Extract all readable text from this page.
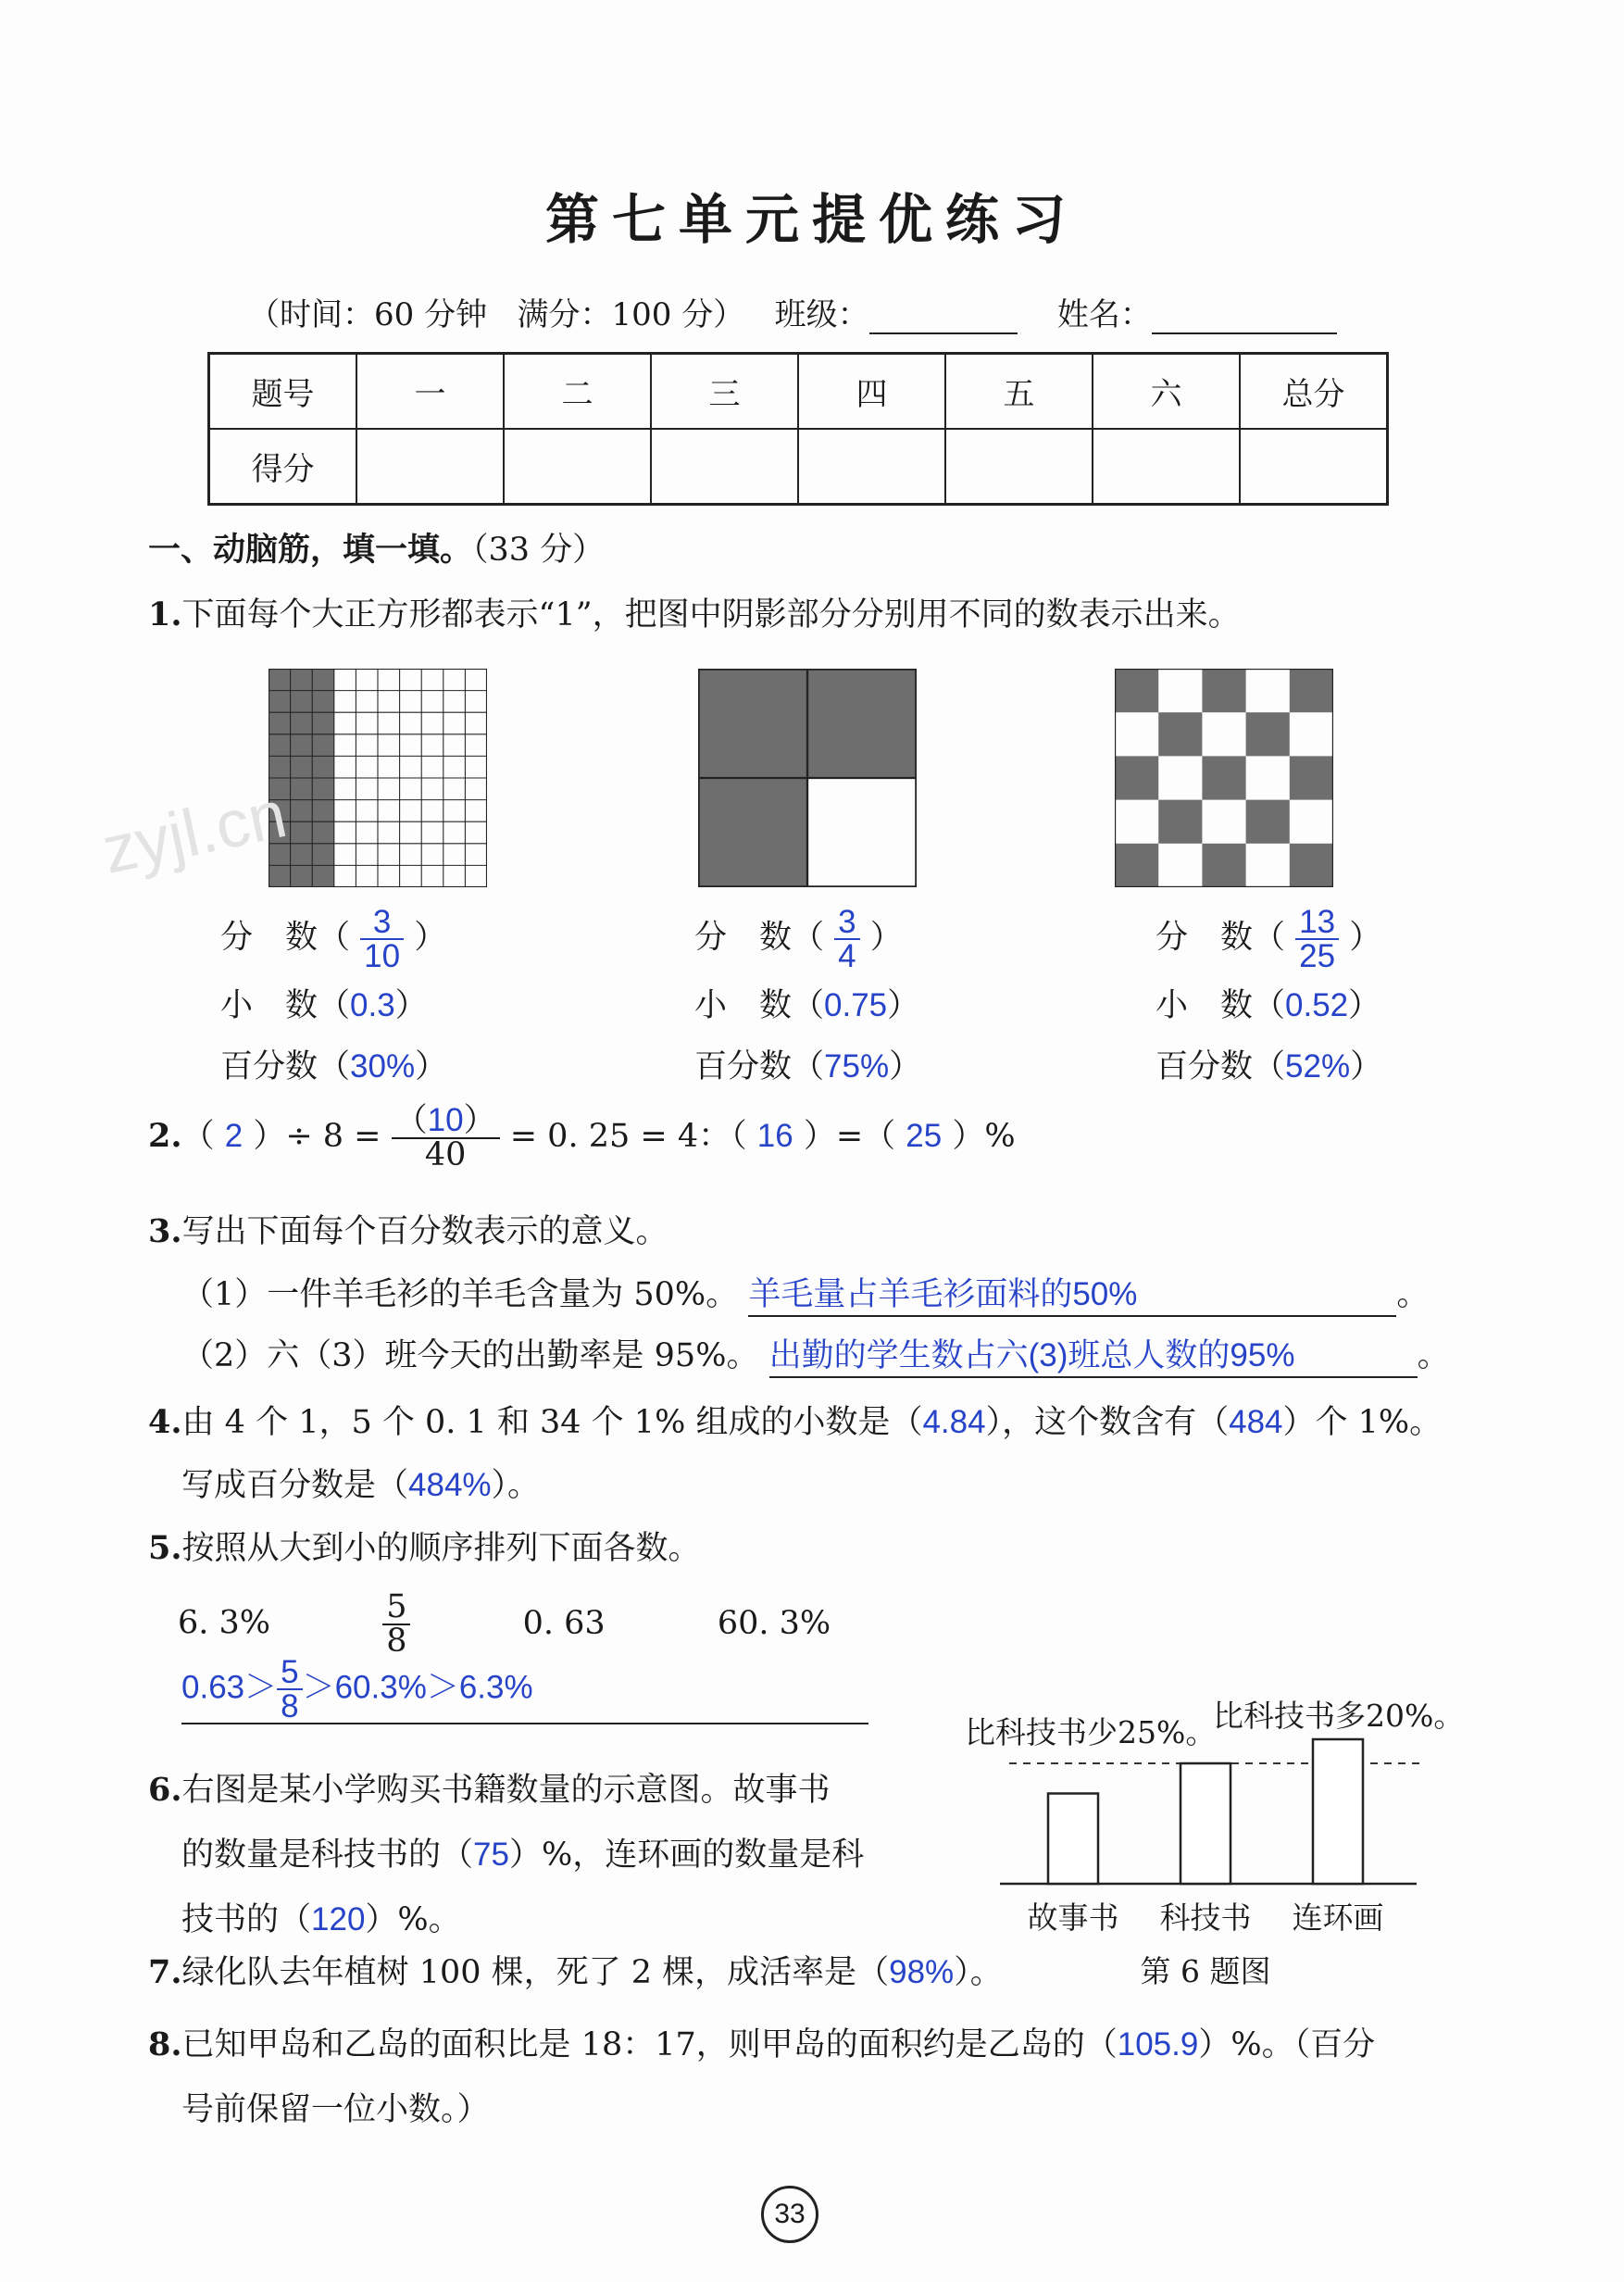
第七单元提优练习
（时间：60 分钟 满分：100 分） 班级：	姓名：
题号	一	二	三	四	五	六	总分
得分							
一、动脑筋，填一填。（33 分）
1.下面每个大正方形都表示“1”，把图中阴影部分分别用不同的数表示出来。
分　数（ $\frac{3}{10}$ ）
小　数（0.3）
百分数（30%）
分　数（ $\frac{3}{4}$ ）
小　数（0.75）
百分数（75%）
分　数（ $\frac{13}{25}$ ）
小　数（0.52）
百分数（52%）
zyjl.cn
2.（ 2 ）÷ $8 = \frac{(10)}{40} = 0$. 25 = 4：（ 16 ）=（ 25 ）%
3.写出下面每个百分数表示的意义。
（1）一件羊毛衫的羊毛含量为 50%。 羊毛量占羊毛衫面料的50%	。
（2）六（3）班今天的出勤率是 95%。 出勤的学生数占六(3)班总人数的95%	。
4.由 4 个 1，5 个 0. 1 和 34 个 1% 组成的小数是（4.84），这个数含有（484）个 1%。
写成百分数是（484%）。
5.按照从大到小的顺序排列下面各数。
6. 3%	$\frac{5}{8}$	0. 63	60. 3%
$0.63> \frac{5}{8} >60.3\%>6.3\%$
6.右图是某小学购买书籍数量的示意图。故事书
的数量是科技书的（75）%，连环画的数量是科
技书的（120）%。
比科技书少25%。
比科技书多20%。
故事书 科技书 连环画
第 6 题图
7.绿化队去年植树 100 棵，死了 2 棵，成活率是（98%）。
8.已知甲岛和乙岛的面积比是 18：17，则甲岛的面积约是乙岛的（105.9）%。（百分
号前保留一位小数。）
33
